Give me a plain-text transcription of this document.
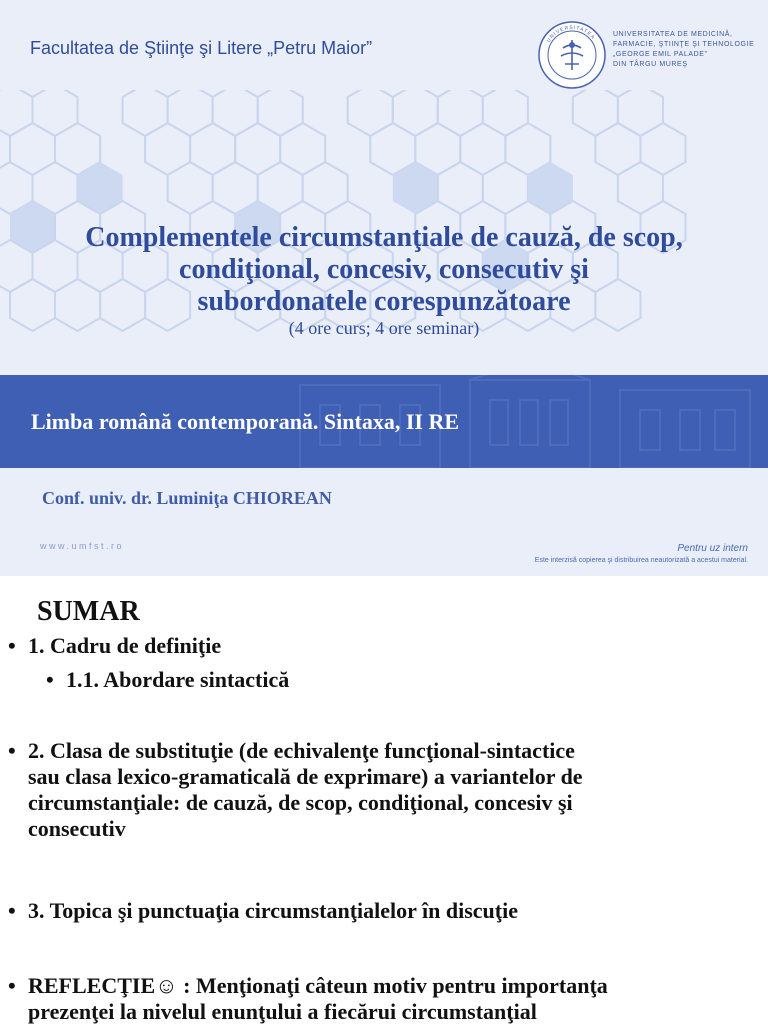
Facultatea de Ştiinţe şi Litere „Petru Maior”	UNIVERSITATEA UNIVERSITATEA DE MEDICINĂ,
FARMACIE, ŞTIINŢE ŞI TEHNOLOGIE
„GEORGE EMIL PALADE”
DIN TÂRGU MUREŞ
Complementele circumstanţiale de cauză, de scop,
condiţional, concesiv, consecutiv şi
subordonatele corespunzătoare
(4 ore curs; 4 ore seminar)
Limba română contemporană. Sintaxa, II RE
Conf. univ. dr. Luminiţa CHIOREAN
www.umfst.ro	Pentru uz intern
Este interzisă copierea şi distribuirea neautorizată a acestui material.
SUMAR
• 1. Cadru de definiţie
• 1.1. Abordare sintactică
• 2. Clasa de substituţie (de echivalenţe funcţional-sintactice
sau clasa lexico-gramaticală de exprimare) a variantelor de
circumstanţiale: de cauză, de scop, condiţional, concesiv şi
consecutiv
• 3. Topica şi punctuaţia circumstanţialelor în discuţie
• REFLECŢIE☺ : Menţionaţi câteun motiv pentru importanţa
prezenţei la nivelul enunţului a fiecărui circumstanţial
